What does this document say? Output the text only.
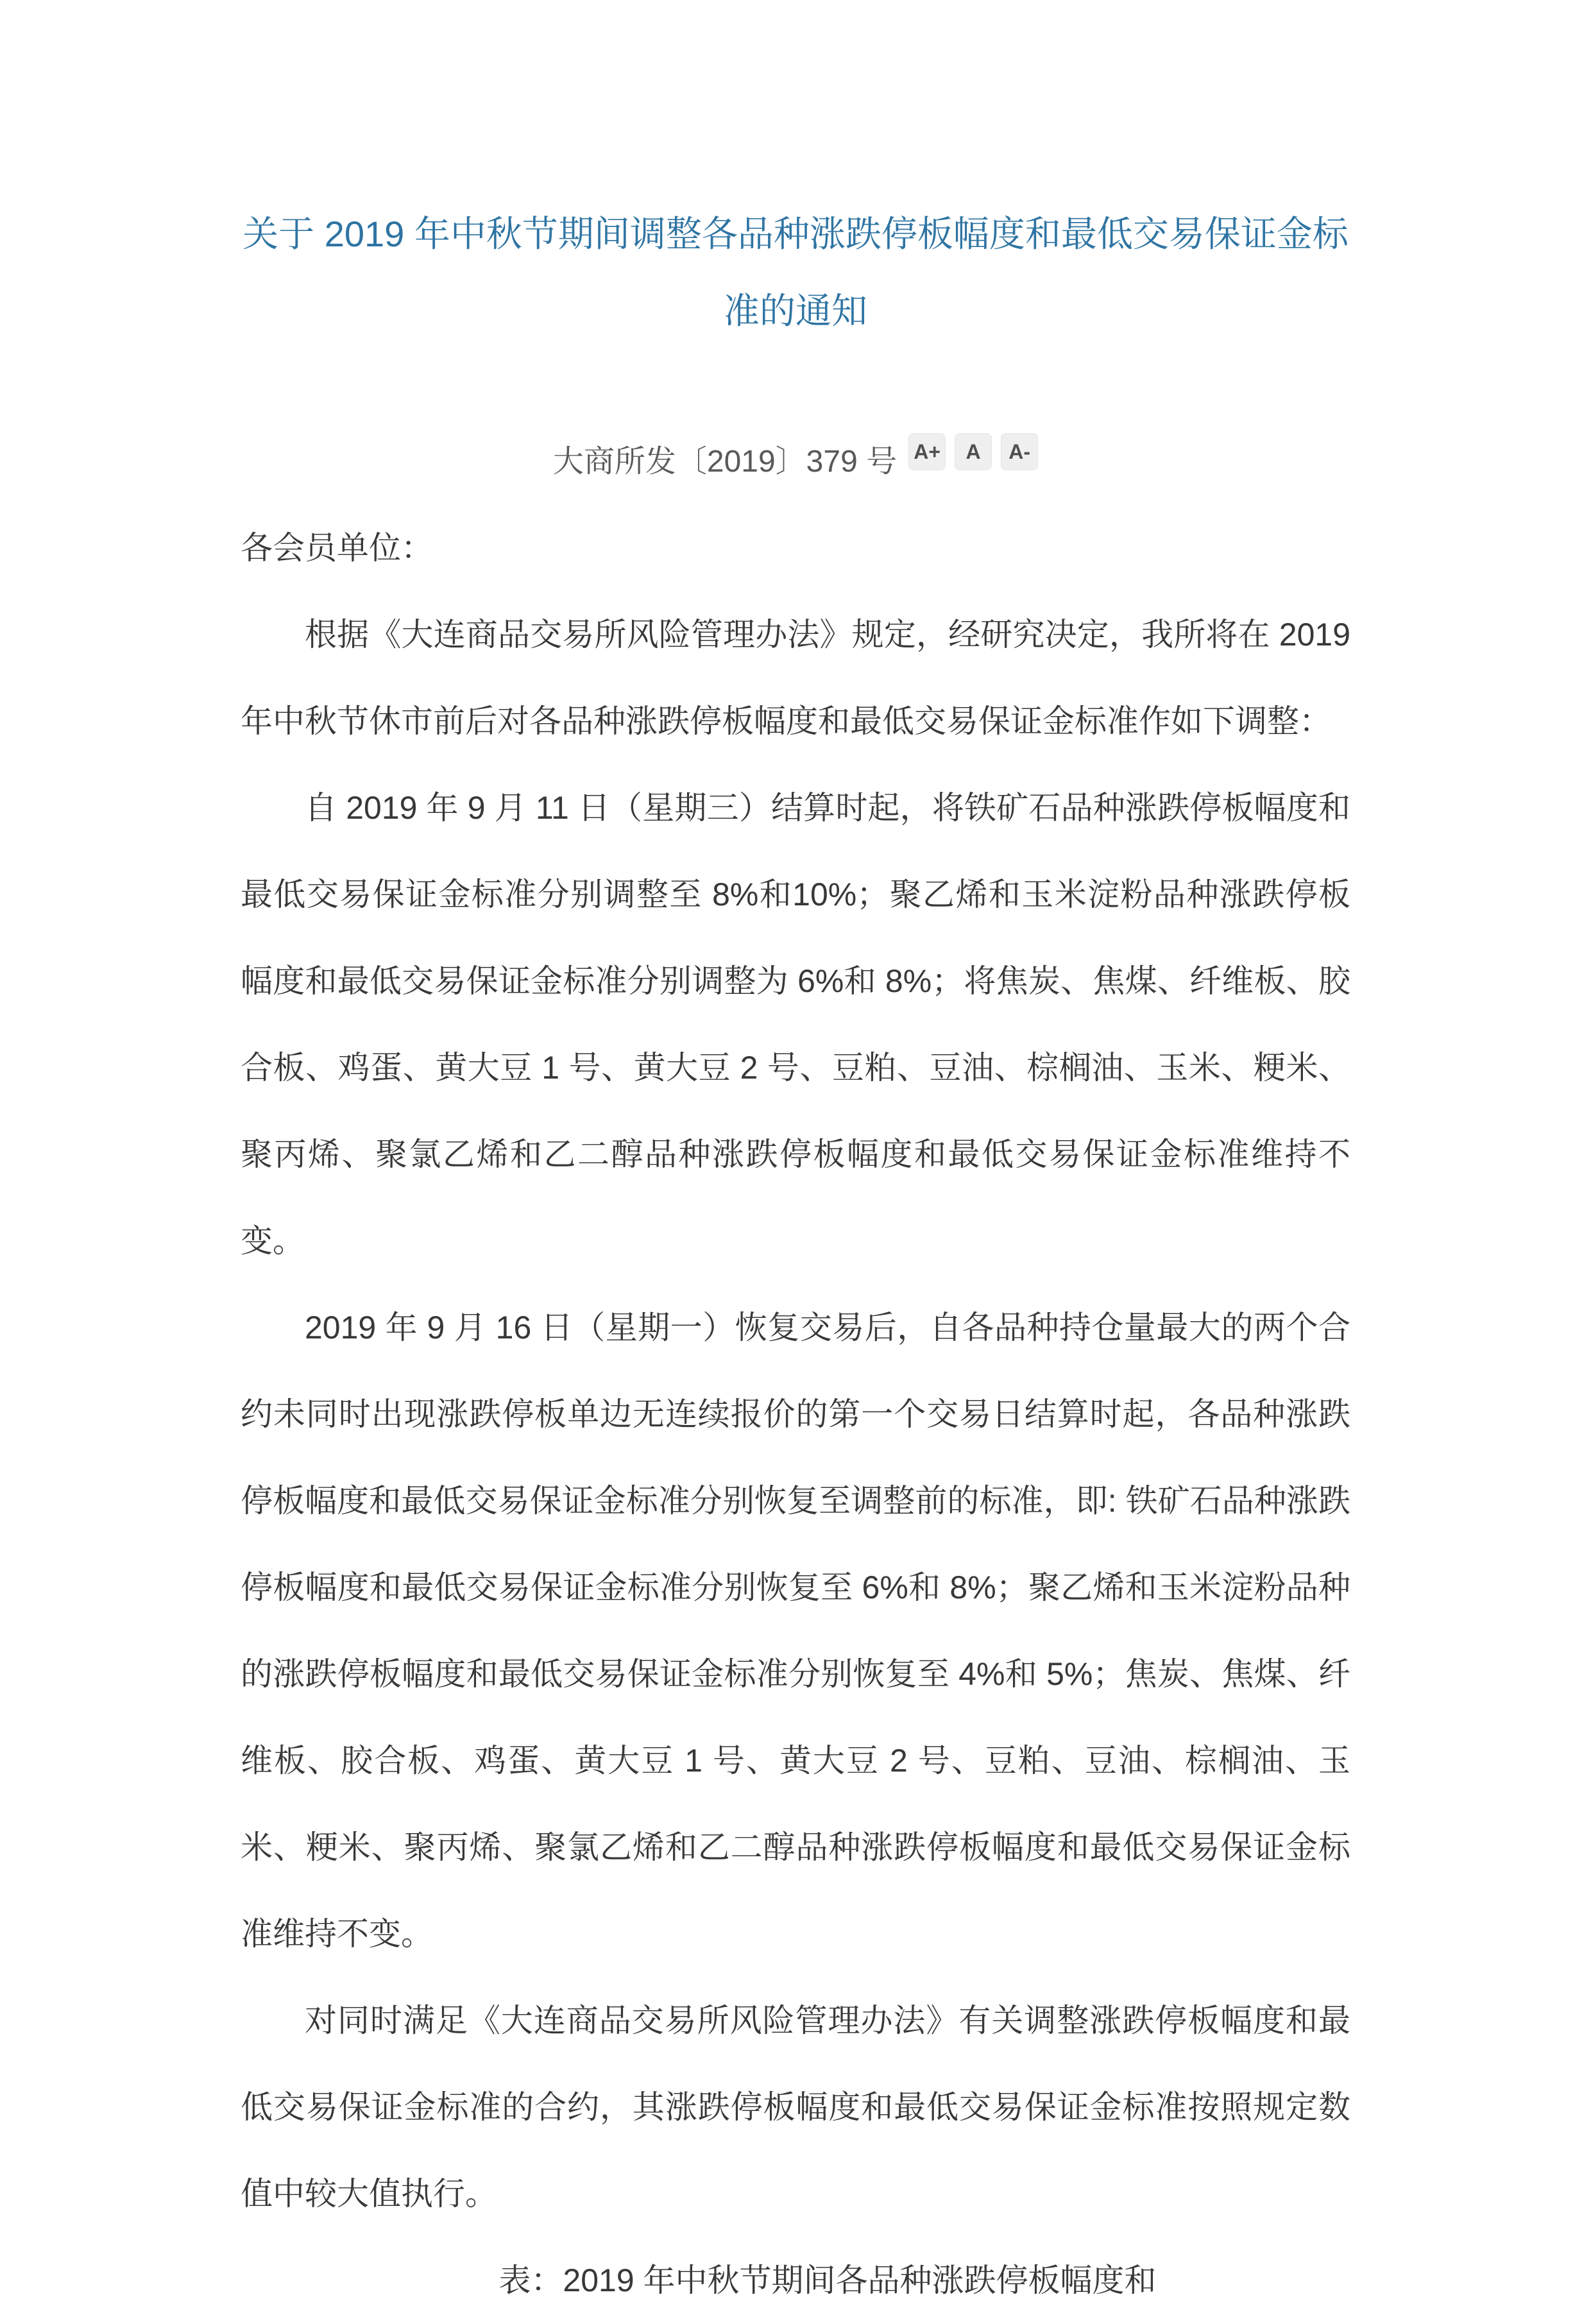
关于 2019 年中秋节期间调整各品种涨跌停板幅度和最低交易保证金标
准的通知
大商所发〔2019〕379 号 A+	A	A-

各会员单位：

根据《大连商品交易所风险管理办法》规定，经研究决定，我所将在 2019 年中秋节休市前后对各品种涨跌停板幅度和最低交易保证金标准作如下调整：

自 2019 年 9 月 11 日（星期三）结算时起，将铁矿石品种涨跌停板幅度和最低交易保证金标准分别调整至 8%和10%；聚乙烯和玉米淀粉品种涨跌停板幅度和最低交易保证金标准分别调整为 6%和 8%；将焦炭、焦煤、纤维板、胶合板、鸡蛋、黄大豆 1 号、黄大豆 2 号、豆粕、豆油、棕榈油、玉米、粳米、聚丙烯、聚氯乙烯和乙二醇品种涨跌停板幅度和最低交易保证金标准维持不变。

2019 年 9 月 16 日（星期一）恢复交易后，自各品种持仓量最大的两个合约未同时出现涨跌停板单边无连续报价的第一个交易日结算时起，各品种涨跌停板幅度和最低交易保证金标准分别恢复至调整前的标准，即: 铁矿石品种涨跌停板幅度和最低交易保证金标准分别恢复至 6%和 8%；聚乙烯和玉米淀粉品种的涨跌停板幅度和最低交易保证金标准分别恢复至 4%和 5%；焦炭、焦煤、纤维板、胶合板、鸡蛋、黄大豆 1 号、黄大豆 2 号、豆粕、豆油、棕榈油、玉米、粳米、聚丙烯、聚氯乙烯和乙二醇品种涨跌停板幅度和最低交易保证金标准维持不变。

对同时满足《大连商品交易所风险管理办法》有关调整涨跌停板幅度和最低交易保证金标准的合约，其涨跌停板幅度和最低交易保证金标准按照规定数值中较大值执行。

表：2019 年中秋节期间各品种涨跌停板幅度和
